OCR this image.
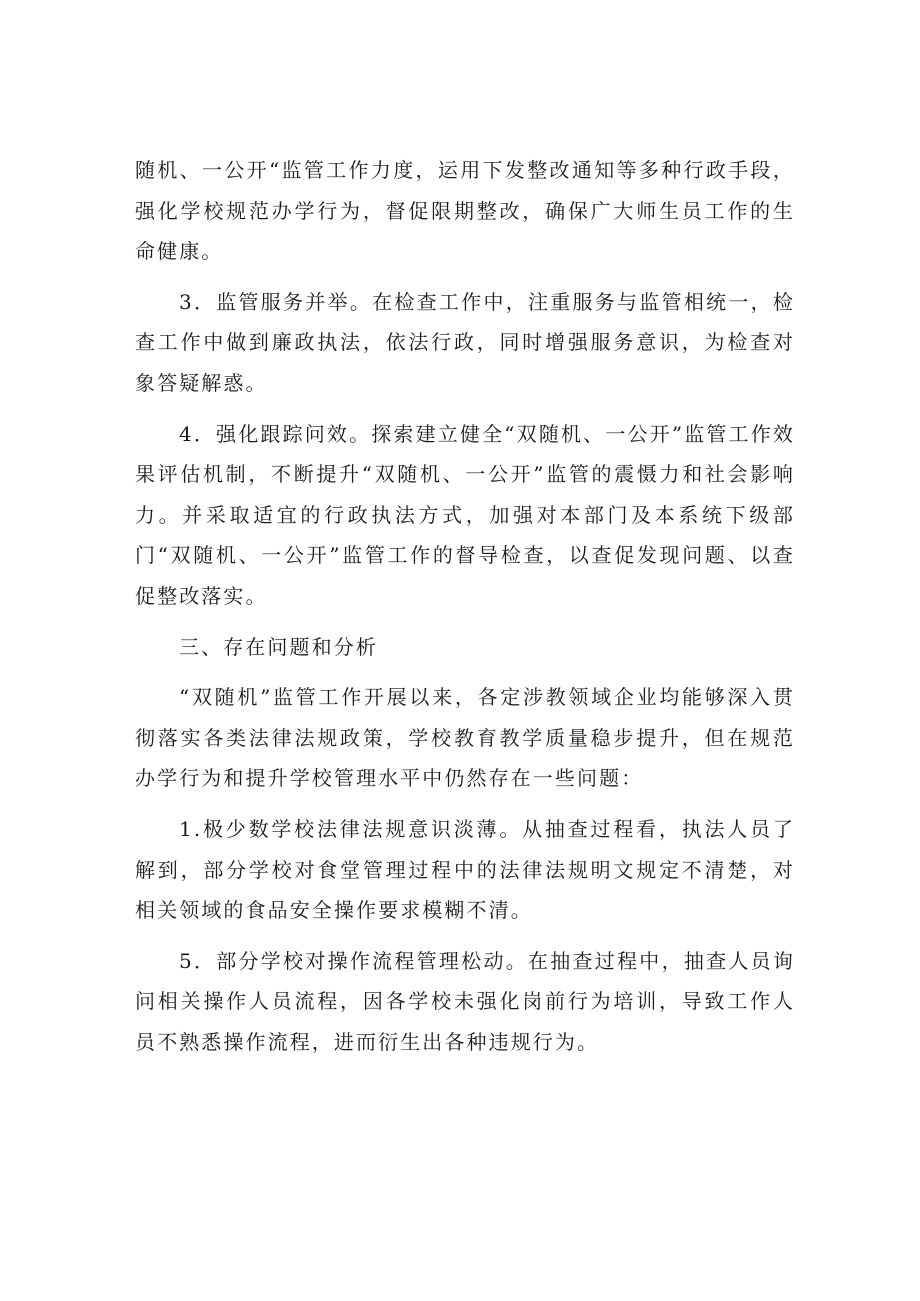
随机、一公开“监管工作力度，运用下发整改通知等多种行政手段，强化学校规范办学行为，督促限期整改，确保广大师生员工作的生命健康。

3．监管服务并举。在检查工作中，注重服务与监管相统一，检查工作中做到廉政执法，依法行政，同时增强服务意识，为检查对象答疑解惑。

4．强化跟踪问效。探索建立健全“双随机、一公开”监管工作效果评估机制，不断提升“双随机、一公开”监管的震慑力和社会影响力。并采取适宜的行政执法方式，加强对本部门及本系统下级部门“双随机、一公开”监管工作的督导检查，以查促发现问题、以查促整改落实。

三、存在问题和分析

“双随机”监管工作开展以来，各定涉教领域企业均能够深入贯彻落实各类法律法规政策，学校教育教学质量稳步提升，但在规范办学行为和提升学校管理水平中仍然存在一些问题：

1.极少数学校法律法规意识淡薄。从抽查过程看，执法人员了解到，部分学校对食堂管理过程中的法律法规明文规定不清楚，对相关领域的食品安全操作要求模糊不清。

5．部分学校对操作流程管理松动。在抽查过程中，抽查人员询问相关操作人员流程，因各学校未强化岗前行为培训，导致工作人员不熟悉操作流程，进而衍生出各种违规行为。
